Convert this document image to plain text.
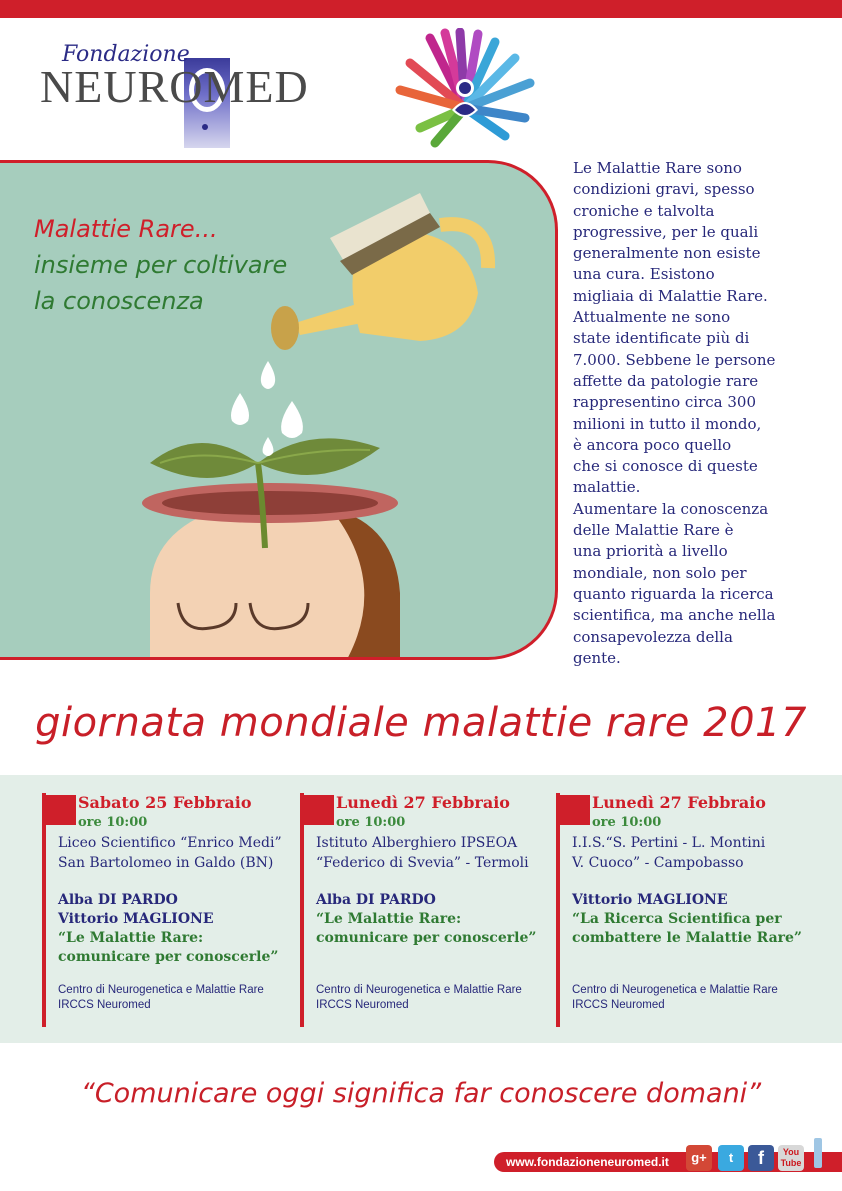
Fondazione
NEUROMED
Malattie Rare...
insieme per coltivare
la conoscenza

Le Malattie Rare sono
condizioni gravi, spesso
croniche e talvolta
progressive, per le quali
generalmente non esiste
una cura. Esistono
migliaia di Malattie Rare.
Attualmente ne sono
state identificate più di
7.000. Sebbene le persone
affette da patologie rare
rappresentino circa 300
milioni in tutto il mondo,
è ancora poco quello
che si conosce di queste
malattie.
Aumentare la conoscenza
delle Malattie Rare è
una priorità a livello
mondiale, non solo per
quanto riguarda la ricerca
scientifica, ma anche nella
consapevolezza della
gente.

giornata mondiale malattie rare 2017
Sabato 25 Febbraio
ore 10:00
Liceo Scientifico “Enrico Medi”
San Bartolomeo in Galdo (BN)
Alba DI PARDO
Vittorio MAGLIONE
“Le Malattie Rare:
comunicare per conoscerle”
Centro di Neurogenetica e Malattie Rare
IRCCS Neuromed
Lunedì 27 Febbraio
ore 10:00
Istituto Alberghiero IPSEOA
“Federico di Svevia” - Termoli
Alba DI PARDO
“Le Malattie Rare:
comunicare per conoscerle”
Centro di Neurogenetica e Malattie Rare
IRCCS Neuromed
Lunedì 27 Febbraio
ore 10:00
I.I.S.“S. Pertini - L. Montini
V. Cuoco” - Campobasso
Vittorio MAGLIONE
“La Ricerca Scientifica per
combattere le Malattie Rare”
Centro di Neurogenetica e Malattie Rare
IRCCS Neuromed
“Comunicare oggi significa far conoscere domani”
www.fondazioneneuromed.it	g+	t	f	You Tube
